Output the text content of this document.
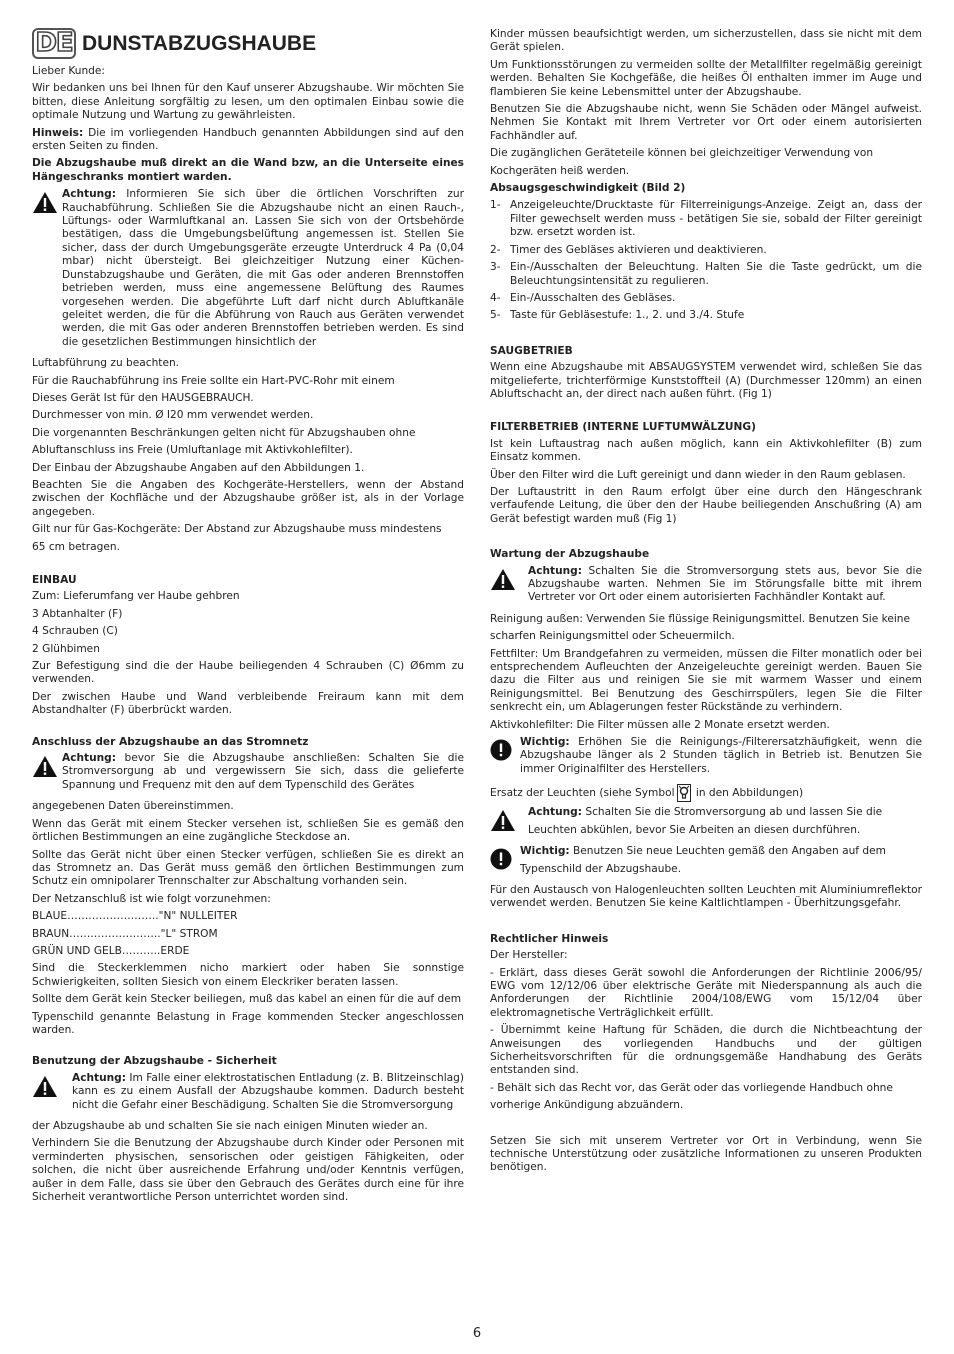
DE DUNSTABZUGSHAUBE

Lieber Kunde:

Wir bedanken uns bei Ihnen für den Kauf unserer Abzugshaube. Wir möchten Sie bitten, diese Anleitung sorgfältig zu lesen, um den optimalen Einbau sowie die optimale Nutzung und Wartung zu gewährleisten.

Hinweis: Die im vorliegenden Handbuch genannten Abbildungen sind auf den ersten Seiten zu finden.

Die Abzugshaube muß direkt an die Wand bzw, an die Unterseite eines Hängeschranks montiert warden.

Achtung: Informieren Sie sich über die örtlichen Vorschriften zur Rauchabführung. Schließen Sie die Abzugshaube nicht an einen Rauch-, Lüftungs- oder Warmluftkanal an. Lassen Sie sich von der Ortsbehörde bestätigen, dass die Umgebungsbelüftung angemessen ist. Stellen Sie sicher, dass der durch Umgebungsgeräte erzeugte Unterdruck 4 Pa (0,04 mbar) nicht übersteigt. Bei gleichzeitiger Nutzung einer Küchen-Dunstabzugshaube und Geräten, die mit Gas oder anderen Brennstoffen betrieben werden, muss eine angemessene Belüftung des Raumes vorgesehen werden. Die abgeführte Luft darf nicht durch Abluftkanäle geleitet werden, die für die Abführung von Rauch aus Geräten verwendet werden, die mit Gas oder anderen Brennstoffen betrieben werden. Es sind die gesetzlichen Bestimmungen hinsichtlich der

Luftabführung zu beachten.

Für die Rauchabführung ins Freie sollte ein Hart-PVC-Rohr mit einem

Dieses Gerät Ist für den HAUSGEBRAUCH.

Durchmesser von min. Ø I20 mm verwendet werden.

Die vorgenannten Beschränkungen gelten nicht für Abzugshauben ohne

Abluftanschluss ins Freie (Umluftanlage mit Aktivkohlefilter).

Der Einbau der Abzugshaube Angaben auf den Abbildungen 1.

Beachten Sie die Angaben des Kochgeräte-Herstellers, wenn der Abstand zwischen der Kochfläche und der Abzugshaube größer ist, als in der Vorlage angegeben.

Gilt nur für Gas-Kochgeräte: Der Abstand zur Abzugshaube muss mindestens

65 cm betragen.

EINBAU

Zum: Lieferumfang ver Haube gehbren

3 Abtanhalter (F)

4 Schrauben (C)

2 Glühbimen

Zur Befestigung sind die der Haube beiliegenden 4 Schrauben (C) Ø6mm zu verwenden.

Der zwischen Haube und Wand verbleibende Freiraum kann mit dem Abstandhalter (F) überbrückt warden.

Anschluss der Abzugshaube an das Stromnetz

Achtung: bevor Sie die Abzugshaube anschließen: Schalten Sie die Stromversorgung ab und vergewissern Sie sich, dass die gelieferte Spannung und Frequenz mit den auf dem Typenschild des Gerätes

angegebenen Daten übereinstimmen.

Wenn das Gerät mit einem Stecker versehen ist, schließen Sie es gemäß den örtlichen Bestimmungen an eine zugängliche Steckdose an.

Sollte das Gerät nicht über einen Stecker verfügen, schließen Sie es direkt an das Stromnetz an. Das Gerät muss gemäß den örtlichen Bestimmungen zum Schutz ein omnipolarer Trennschalter zur Abschaltung vorhanden sein.

Der Netzanschluß ist wie folgt vorzunehmen:

BLAUE…………………….."N" NULLEITER

BRAUN…………………….."L" STROM

GRÜN UND GELB………..ERDE

Sind die Steckerklemmen nicho markiert oder haben Sie sonnstige Schwierigkeiten, sollten Siesich von einem Eleckriker beraten lassen.

Sollte dem Gerät kein Stecker beiliegen, muß das kabel an einen für die auf dem

Typenschild genannte Belastung in Frage kommenden Stecker angeschlossen warden.

Benutzung der Abzugshaube - Sicherheit

Achtung: Im Falle einer elektrostatischen Entladung (z. B. Blitzeinschlag) kann es zu einem Ausfall der Abzugshaube kommen. Dadurch besteht nicht die Gefahr einer Beschädigung. Schalten Sie die Stromversorgung

der Abzugshaube ab und schalten Sie sie nach einigen Minuten wieder an.

Verhindern Sie die Benutzung der Abzugshaube durch Kinder oder Personen mit verminderten physischen, sensorischen oder geistigen Fähigkeiten, oder solchen, die nicht über ausreichende Erfahrung und/oder Kenntnis verfügen, außer in dem Falle, dass sie über den Gebrauch des Gerätes durch eine für ihre Sicherheit verantwortliche Person unterrichtet worden sind.

Kinder müssen beaufsichtigt werden, um sicherzustellen, dass sie nicht mit dem Gerät spielen.

Um Funktionsstörungen zu vermeiden sollte der Metallfilter regelmäßig gereinigt werden. Behalten Sie Kochgefäße, die heißes Öl enthalten immer im Auge und flambieren Sie keine Lebensmittel unter der Abzugshaube.

Benutzen Sie die Abzugshaube nicht, wenn Sie Schäden oder Mängel aufweist. Nehmen Sie Kontakt mit Ihrem Vertreter vor Ort oder einem autorisierten Fachhändler auf.

Die zugänglichen Geräteteile können bei gleichzeitiger Verwendung von

Kochgeräten heiß werden.

Absaugsgeschwindigkeit (Bild 2)

1- Anzeigeleuchte/Drucktaste für Filterreinigungs-Anzeige. Zeigt an, dass der Filter gewechselt werden muss - betätigen Sie sie, sobald der Filter gereinigt bzw. ersetzt worden ist.
2- Timer des Gebläses aktivieren und deaktivieren.
3- Ein-/Ausschalten der Beleuchtung. Halten Sie die Taste gedrückt, um die Beleuchtungsintensität zu regulieren.
4- Ein-/Ausschalten des Gebläses.
5- Taste für Gebläsestufe: 1., 2. und 3./4. Stufe

SAUGBETRIEB

Wenn eine Abzugshaube mit ABSAUGSYSTEM verwendet wird, schleßen Sie das mitgelieferte, trichterförmige Kunststoffteil (A) (Durchmesser 120mm) an einen Abluftschacht an, der direct nach außen führt. (Fig 1)

FILTERBETRIEB (INTERNE LUFTUMWÄLZUNG)

Ist kein Luftaustrag nach außen möglich, kann ein Aktivkohlefilter (B) zum Einsatz kommen.

Über den Filter wird die Luft gereinigt und dann wieder in den Raum geblasen.

Der Luftaustritt in den Raum erfolgt über eine durch den Hängeschrank verfaufende Leitung, die über den der Haube beiliegenden Anschußring (A) am Gerät befestigt warden muß (Fig 1)

Wartung der Abzugshaube

Achtung: Schalten Sie die Stromversorgung stets aus, bevor Sie die Abzugshaube warten. Nehmen Sie im Störungsfalle bitte mit ihrem Vertreter vor Ort oder einem autorisierten Fachhändler Kontakt auf.

Reinigung außen: Verwenden Sie flüssige Reinigungsmittel. Benutzen Sie keine

scharfen Reinigungsmittel oder Scheuermilch.

Fettfilter: Um Brandgefahren zu vermeiden, müssen die Filter monatlich oder bei entsprechendem Aufleuchten der Anzeigeleuchte gereinigt werden. Bauen Sie dazu die Filter aus und reinigen Sie sie mit warmem Wasser und einem Reinigungsmittel. Bei Benutzung des Geschirrspülers, legen Sie die Filter senkrecht ein, um Ablagerungen fester Rückstände zu verhindern.

Aktivkohlefilter: Die Filter müssen alle 2 Monate ersetzt werden.

Wichtig: Erhöhen Sie die Reinigungs-/Filterersatzhäufigkeit, wenn die Abzugshaube länger als 2 Stunden täglich in Betrieb ist. Benutzen Sie immer Originalfilter des Herstellers.

Ersatz der Leuchten (siehe Symbol in den Abbildungen)

Achtung: Schalten Sie die Stromversorgung ab und lassen Sie die

Leuchten abkühlen, bevor Sie Arbeiten an diesen durchführen.

Wichtig: Benutzen Sie neue Leuchten gemäß den Angaben auf dem

Typenschild der Abzugshaube.

Für den Austausch von Halogenleuchten sollten Leuchten mit Aluminiumreflektor verwendet werden. Benutzen Sie keine Kaltlichtlampen - Überhitzungsgefahr.

Rechtlicher Hinweis

Der Hersteller:

- Erklärt, dass dieses Gerät sowohl die Anforderungen der Richtlinie 2006/95/ EWG vom 12/12/06 über elektrische Geräte mit Niederspannung als auch die Anforderungen der Richtlinie 2004/108/EWG vom 15/12/04 über elektromagnetische Verträglichkeit erfüllt.

- Übernimmt keine Haftung für Schäden, die durch die Nichtbeachtung der Anweisungen des vorliegenden Handbuchs und der gültigen Sicherheitsvorschriften für die ordnungsgemäße Handhabung des Geräts entstanden sind.

- Behält sich das Recht vor, das Gerät oder das vorliegende Handbuch ohne

vorherige Ankündigung abzuändern.

Setzen Sie sich mit unserem Vertreter vor Ort in Verbindung, wenn Sie technische Unterstützung oder zusätzliche Informationen zu unseren Produkten benötigen.

6
